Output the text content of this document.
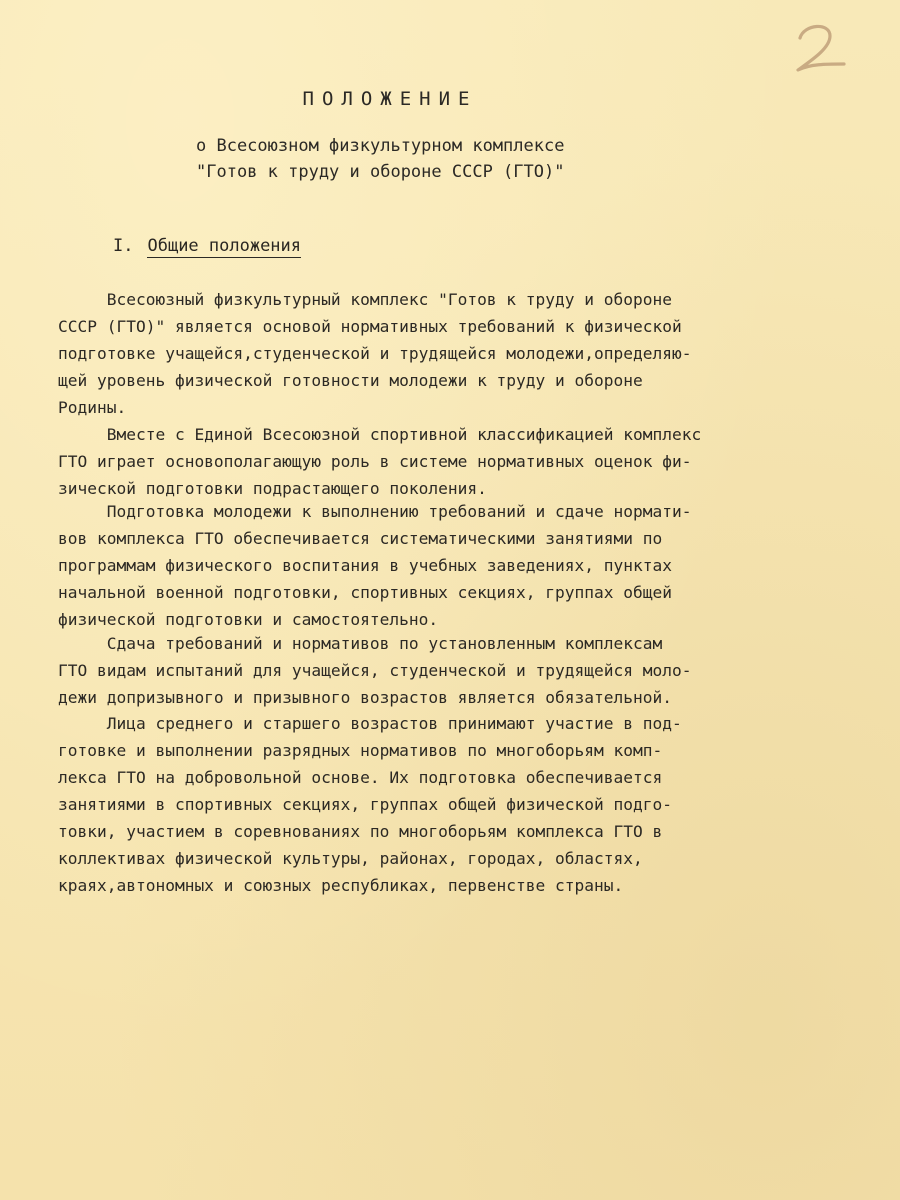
ПОЛОЖЕНИЕ
о Всесоюзном физкультурном комплексе
"Готов к труду и обороне СССР (ГТО)"
I. Общие положения
Всесоюзный физкультурный комплекс "Готов к труду и обороне
СССР (ГТО)" является основой нормативных требований к физической
подготовке учащейся,студенческой и трудящейся молодежи,определяю-
щей уровень физической готовности молодежи к труду и обороне
Родины.
Вместе с Единой Всесоюзной спортивной классификацией комплекс
ГТО играет основополагающую роль в системе нормативных оценок фи-
зической подготовки подрастающего поколения.
Подготовка молодежи к выполнению требований и сдаче нормати-
вов комплекса ГТО обеспечивается систематическими занятиями по
программам физического воспитания в учебных заведениях, пунктах
начальной военной подготовки, спортивных секциях, группах общей
физической подготовки и самостоятельно.
Сдача требований и нормативов по установленным комплексам
ГТО видам испытаний для учащейся, студенческой и трудящейся моло-
дежи допризывного и призывного возрастов является обязательной.
Лица среднего и старшего возрастов принимают участие в под-
готовке и выполнении разрядных нормативов по многоборьям комп-
лекса ГТО на добровольной основе. Их подготовка обеспечивается
занятиями в спортивных секциях, группах общей физической подго-
товки, участием в соревнованиях по многоборьям комплекса ГТО в
коллективах физической культуры, районах, городах, областях,
краях,автономных и союзных республиках, первенстве страны.
